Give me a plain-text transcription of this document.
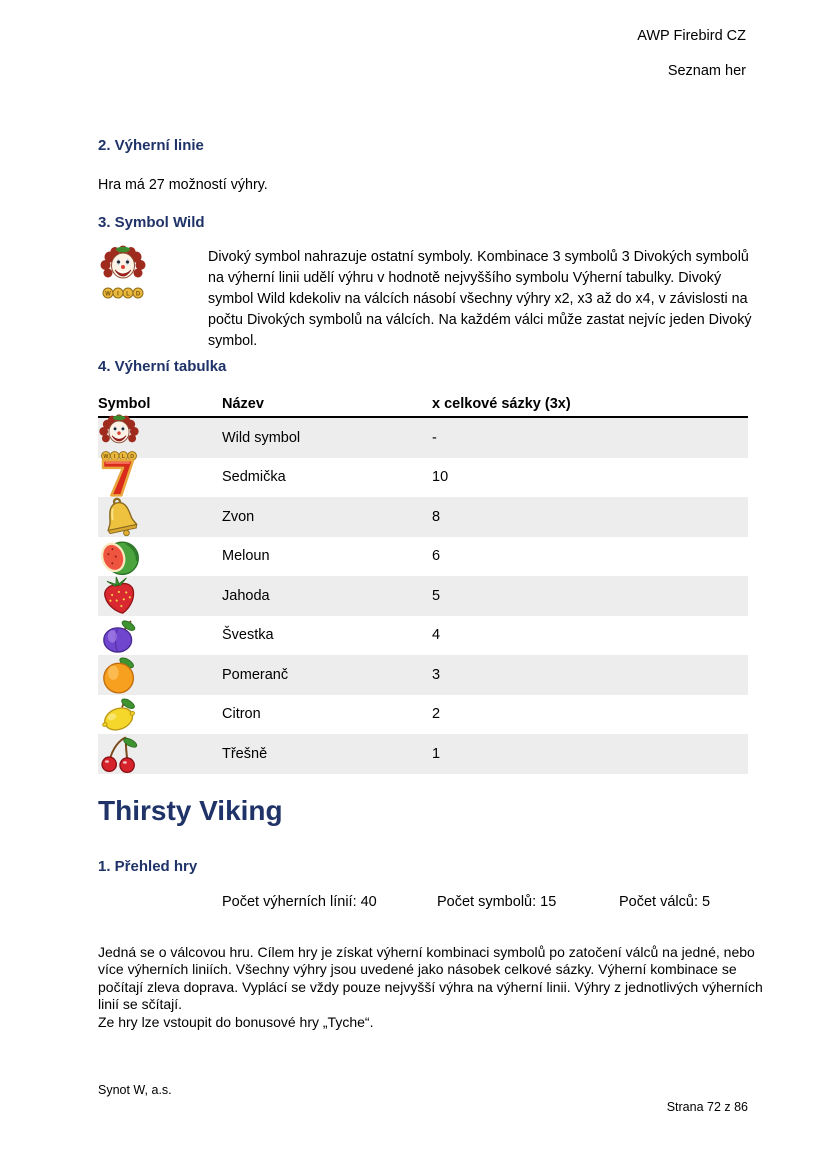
AWP Firebird CZ
Seznam her
2. Výherní linie
Hra má 27 možností výhry.
3. Symbol Wild
Divoký symbol nahrazuje ostatní symboly. Kombinace 3 symbolů 3 Divokých symbolů na výherní linii udělí výhru v hodnotě nejvyššího symbolu Výherní tabulky. Divoký symbol Wild kdekoliv na válcích násobí všechny výhry x2, x3 až do x4, v závislosti na počtu Divokých symbolů na válcích. Na každém válci může zastat nejvíc jeden Divoký symbol.
4. Výherní tabulka
Symbol	Název	x celkové sázky (3x)
Wild symbol	-
Sedmička	10
Zvon	8
Meloun	6
Jahoda	5
Švestka	4
Pomeranč	3
Citron	2
Třešně	1
Thirsty Viking
1. Přehled hry
Počet výherních línií: 40	Počet symbolů: 15	Počet válců: 5
Jedná se o válcovou hru. Cílem hry je získat výherní kombinaci symbolů po zatočení válců na jedné, nebo více výherních liniích. Všechny výhry jsou uvedené jako násobek celkové sázky. Výherní kombinace se počítají zleva doprava. Vyplácí se vždy pouze nejvyšší výhra na výherní linii. Výhry z jednotlivých výherních linií se sčítají.
Ze hry lze vstoupit do bonusové hry „Tyche“.
Synot W, a.s.
Strana 72 z 86
